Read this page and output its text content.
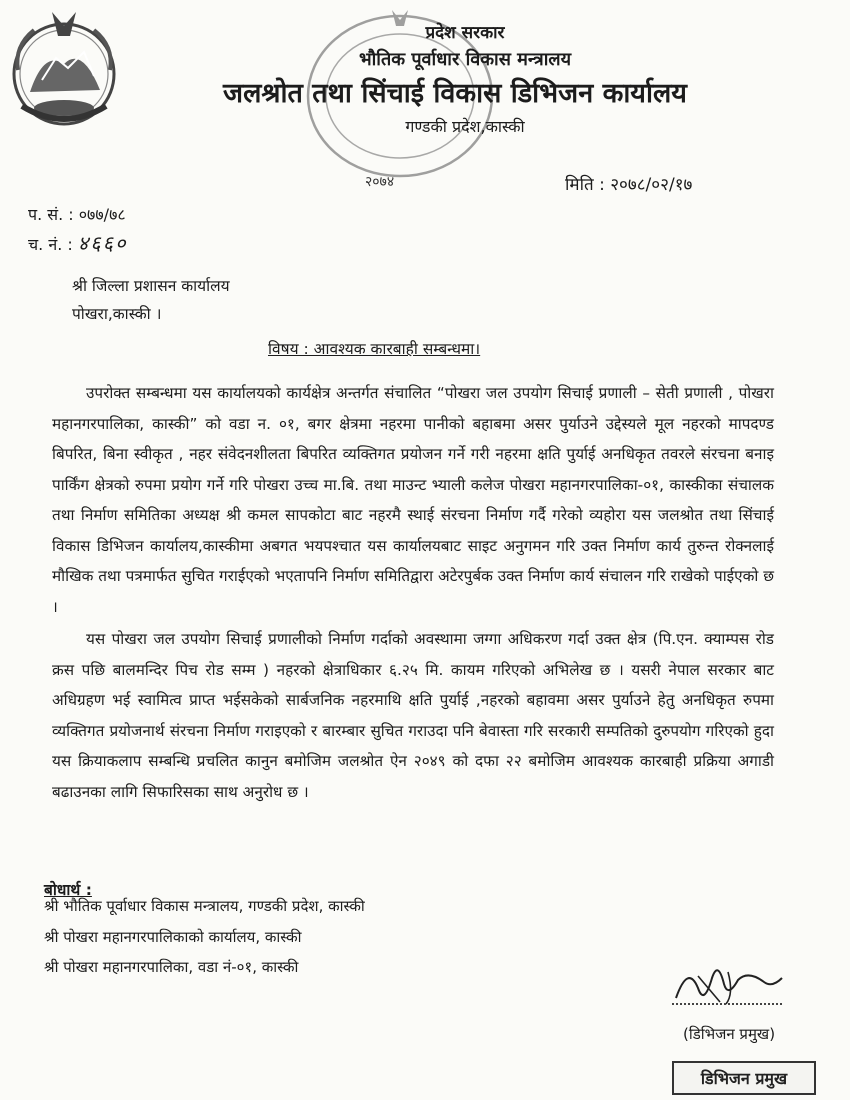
प्रदेश सरकार
भौतिक पूर्वाधार विकास मन्त्रालय
जलश्रोत तथा सिंचाई विकास डिभिजन कार्यालय
गण्डकी प्रदेश,कास्की
२०७४	मिति : २०७८/०२/१७
प. सं. : ०७७/७८
च. नं. : ४६६०
श्री जिल्ला प्रशासन कार्यालय
पोखरा,कास्की ।
विषय : आवश्यक कारबाही सम्बन्धमा।

उपरोक्त सम्बन्धमा यस कार्यालयको कार्यक्षेत्र अन्तर्गत संचालित “पोखरा जल उपयोग सिचाई प्रणाली – सेती प्रणाली , पोखरा महानगरपालिका, कास्की” को वडा न. ०१, बगर क्षेत्रमा नहरमा पानीको बहाबमा असर पुर्याउने उद्देस्यले मूल नहरको मापदण्ड बिपरित, बिना स्वीकृत , नहर संवेदनशीलता बिपरित व्यक्तिगत प्रयोजन गर्ने गरी नहरमा क्षति पुर्याई अनधिकृत तवरले संरचना बनाइ पार्किंग क्षेत्रको रुपमा प्रयोग गर्ने गरि पोखरा उच्च मा.बि. तथा माउन्ट भ्याली कलेज पोखरा महानगरपालिका-०१, कास्कीका संचालक तथा निर्माण समितिका अध्यक्ष श्री कमल सापकोटा बाट नहरमै स्थाई संरचना निर्माण गर्दै गरेको व्यहोरा यस जलश्रोत तथा सिंचाई विकास डिभिजन कार्यालय,कास्कीमा अबगत भयपश्चात यस कार्यालयबाट साइट अनुगमन गरि उक्त निर्माण कार्य तुरुन्त रोक्नलाई मौखिक तथा पत्रमार्फत सुचित गराईएको भएतापनि निर्माण समितिद्वारा अटेरपुर्बक उक्त निर्माण कार्य संचालन गरि राखेको पाईएको छ ।

यस पोखरा जल उपयोग सिचाई प्रणालीको निर्माण गर्दाको अवस्थामा जग्गा अधिकरण गर्दा उक्त क्षेत्र (पि.एन. क्याम्पस रोड क्रस पछि बालमन्दिर पिच रोड सम्म ) नहरको क्षेत्राधिकार ६.२५ मि. कायम गरिएको अभिलेख छ । यसरी नेपाल सरकार बाट अधिग्रहण भई स्वामित्व प्राप्त भईसकेको सार्बजनिक नहरमाथि क्षति पुर्याई ,नहरको बहावमा असर पुर्याउने हेतु अनधिकृत रुपमा व्यक्तिगत प्रयोजनार्थ संरचना निर्माण गराइएको र बारम्बार सुचित गराउदा पनि बेवास्ता गरि सरकारी सम्पतिको दुरुपयोग गरिएको हुदा यस क्रियाकलाप सम्बन्धि प्रचलित कानुन बमोजिम जलश्रोत ऐन २०४९ को दफा २२ बमोजिम आवश्यक कारबाही प्रक्रिया अगाडी बढाउनका लागि सिफारिसका साथ अनुरोध छ ।

बोधार्थ :
श्री भौतिक पूर्वाधार विकास मन्त्रालय, गण्डकी प्रदेश, कास्की
श्री पोखरा महानगरपालिकाको कार्यालय, कास्की
श्री पोखरा महानगरपालिका, वडा नं-०१, कास्की
(डिभिजन प्रमुख)
डिभिजन प्रमुख
